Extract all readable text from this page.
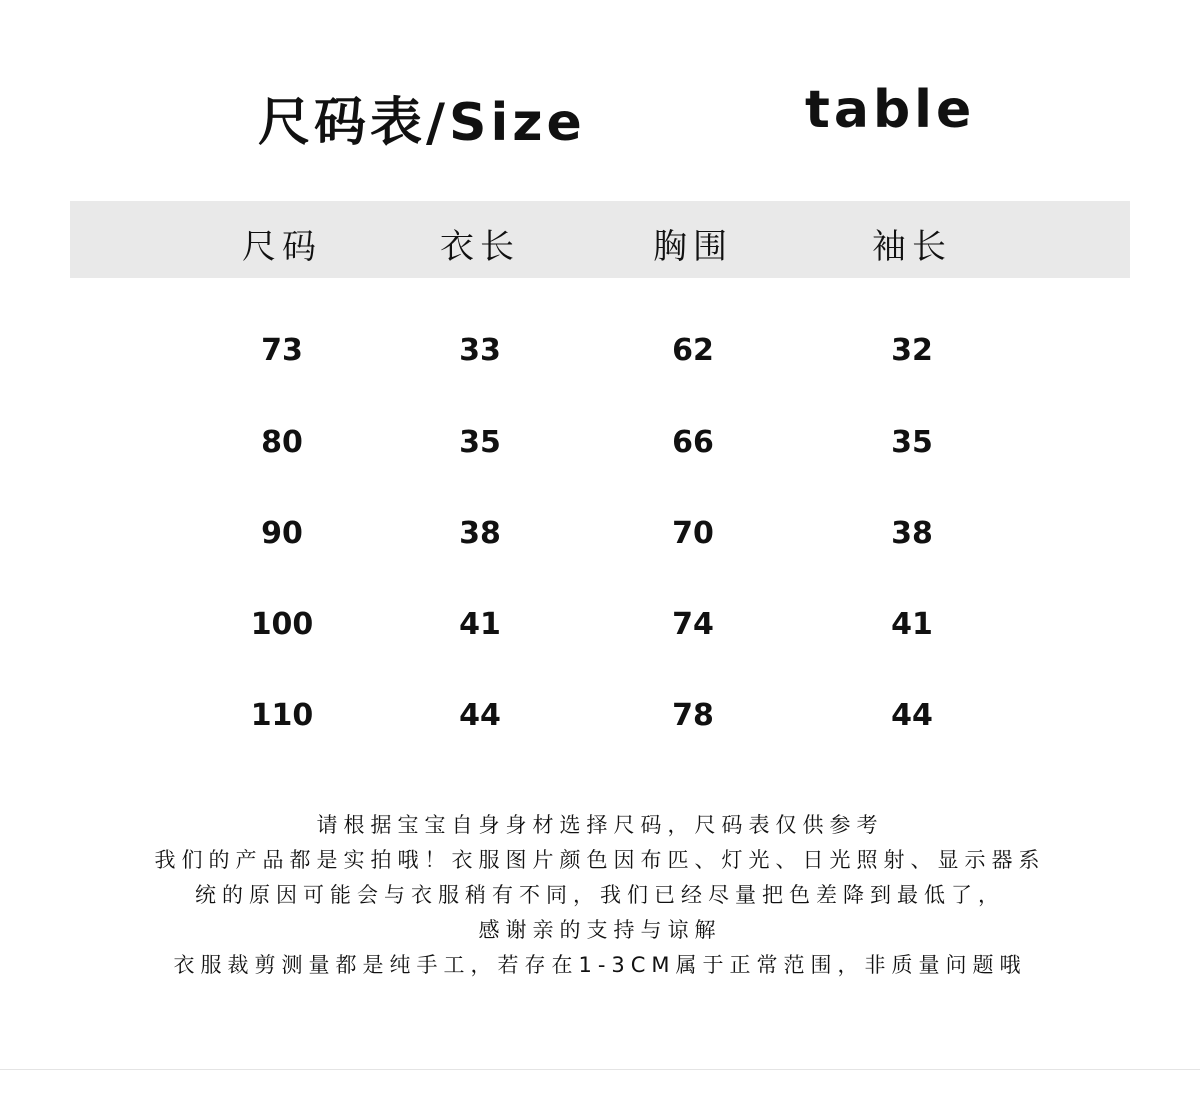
尺码表/Size	table
尺码	衣长	胸围	袖长
73	33	62	32
80	35	66	35
90	38	70	38
100	41	74	41
110	44	78	44
请根据宝宝自身身材选择尺码，尺码表仅供参考
我们的产品都是实拍哦！衣服图片颜色因布匹、灯光、日光照射、显示器系
统的原因可能会与衣服稍有不同，我们已经尽量把色差降到最低了，
感谢亲的支持与谅解
衣服裁剪测量都是纯手工，若存在1-3CM属于正常范围，非质量问题哦
